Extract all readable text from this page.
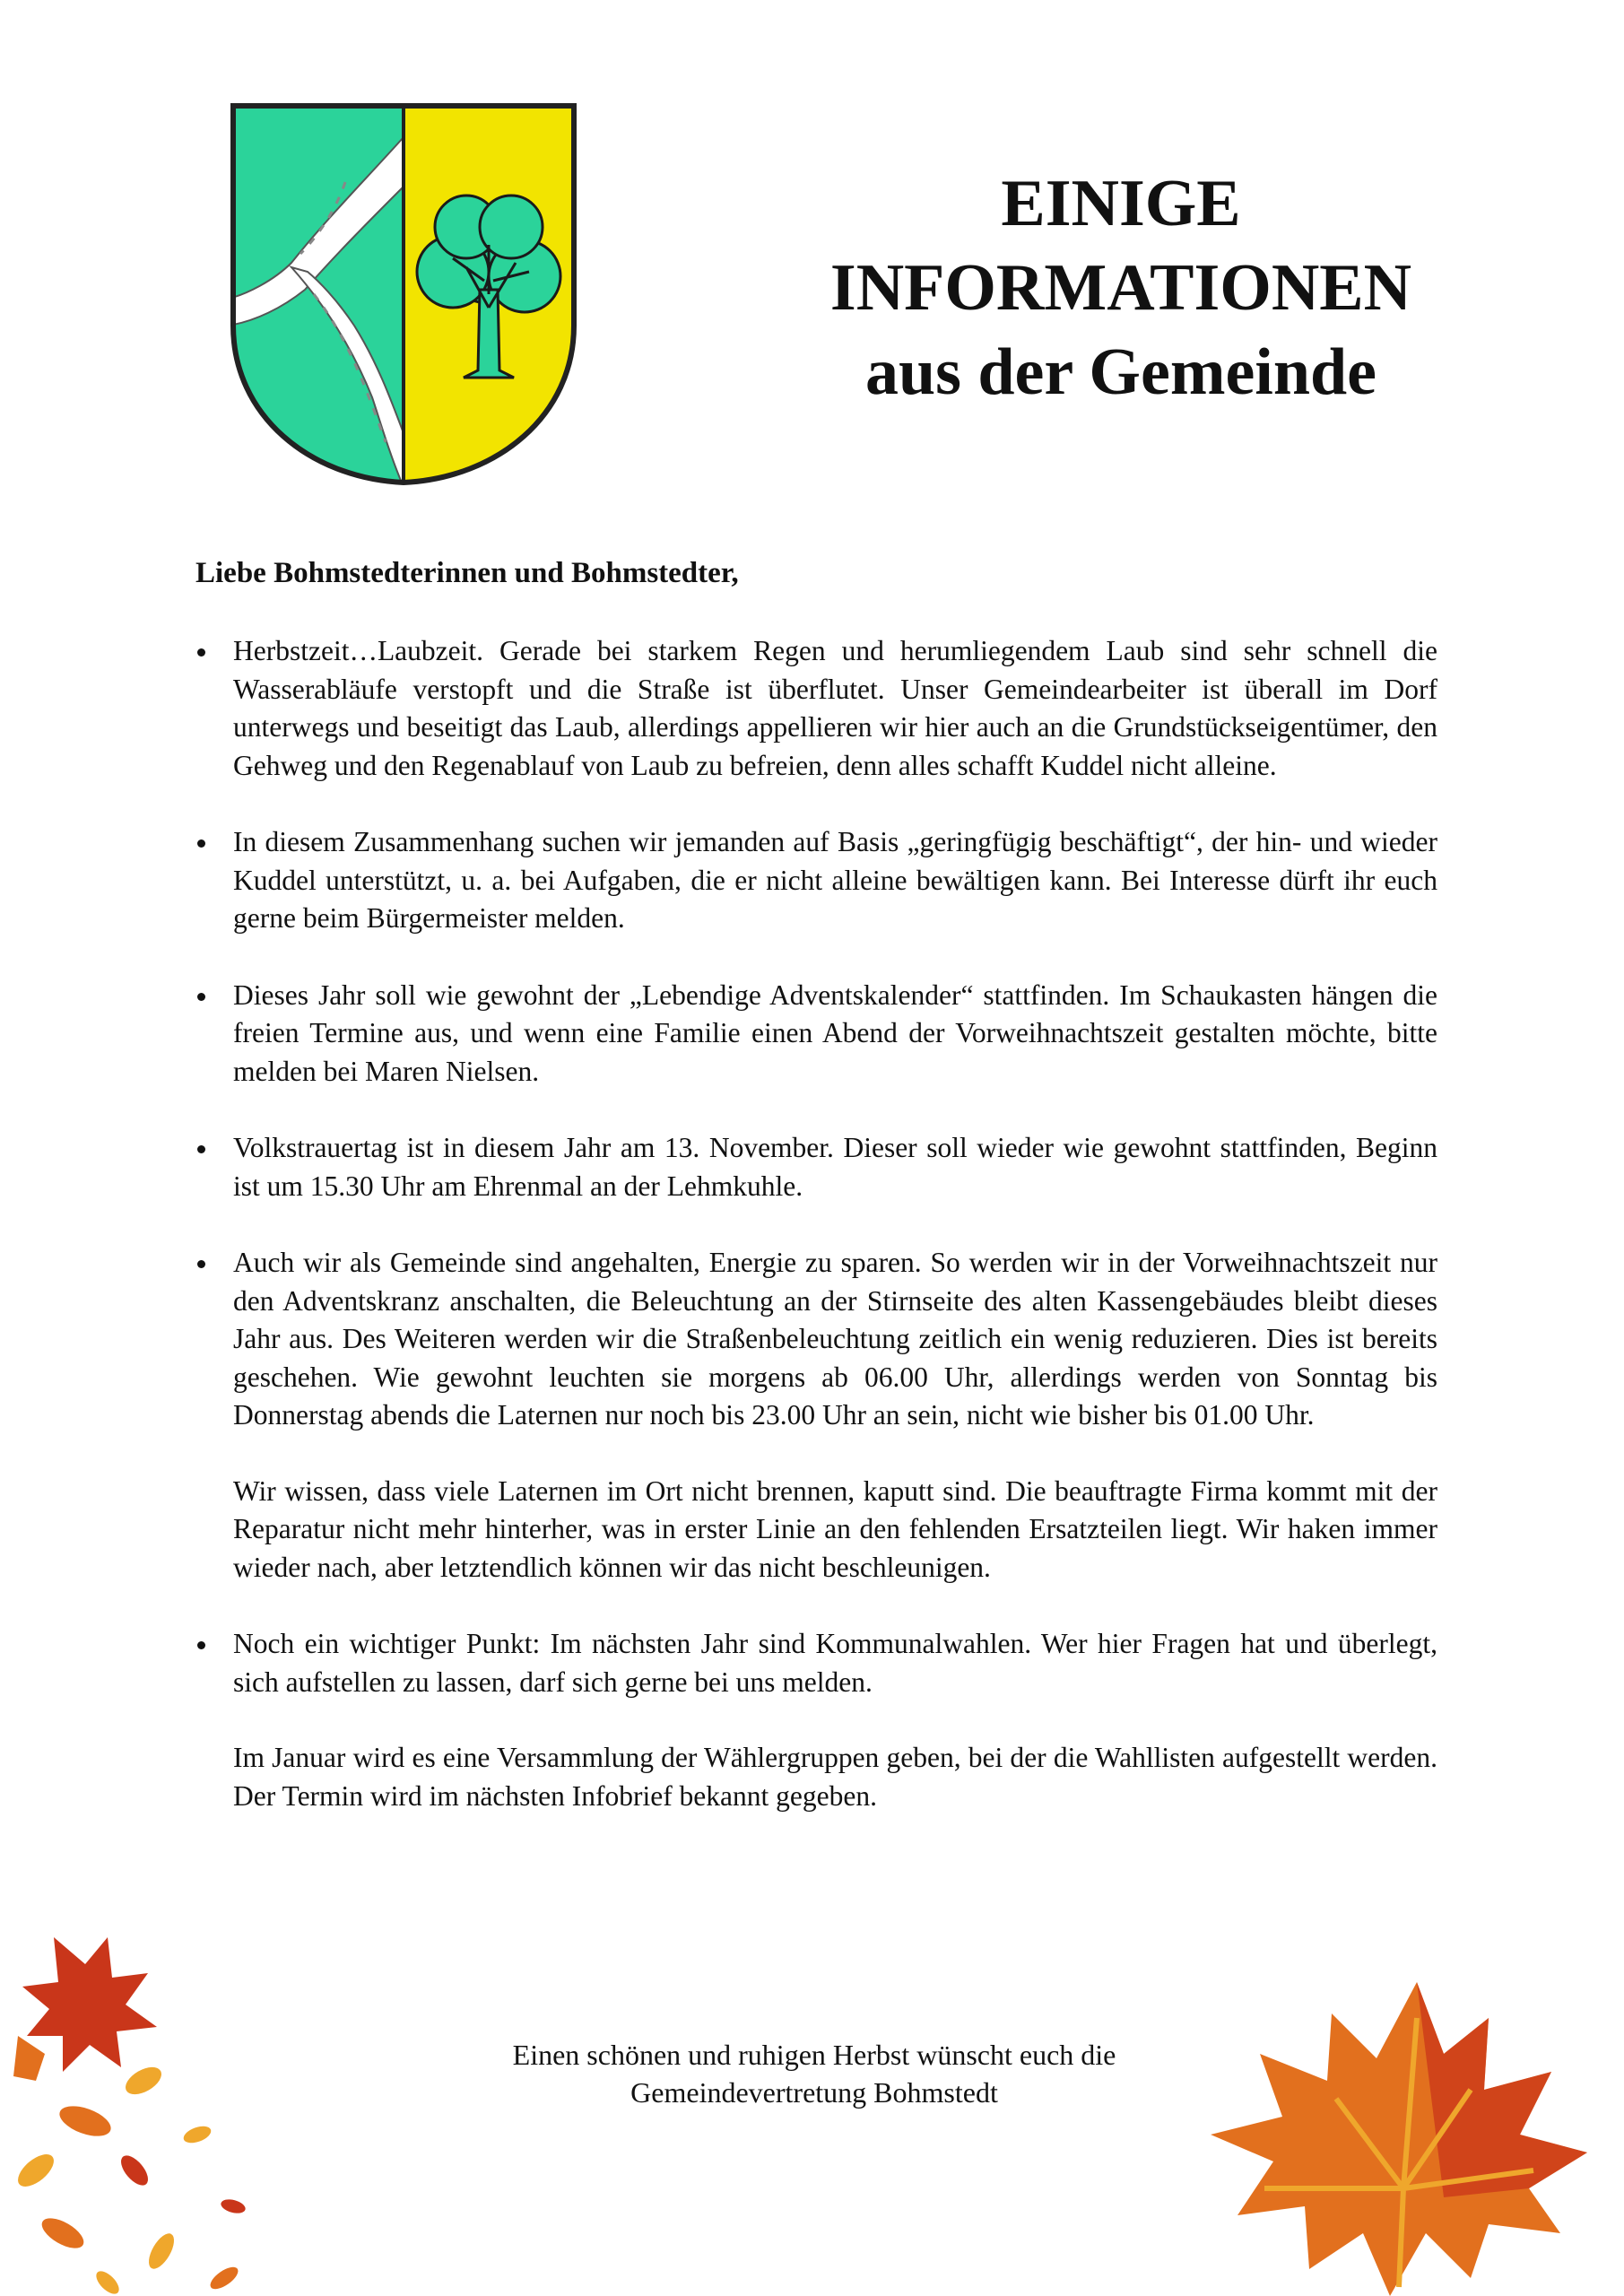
EINIGE
INFORMATIONEN
aus der Gemeinde
Liebe Bohmstedterinnen und Bohmstedter,

Herbstzeit…Laubzeit. Gerade bei starkem Regen und herumliegendem Laub sind sehr schnell die Wasserabläufe verstopft und die Straße ist überflutet. Unser Gemeindearbeiter ist überall im Dorf unterwegs und beseitigt das Laub, allerdings appellieren wir hier auch an die Grundstückseigentümer, den Gehweg und den Regenablauf von Laub zu befreien, denn alles schafft Kuddel nicht alleine.

In diesem Zusammenhang suchen wir jemanden auf Basis „geringfügig beschäftigt“, der hin- und wieder Kuddel unterstützt, u. a. bei Aufgaben, die er nicht alleine bewältigen kann. Bei Interesse dürft ihr euch gerne beim Bürgermeister melden.

Dieses Jahr soll wie gewohnt der „Lebendige Adventskalender“ stattfinden. Im Schaukasten hängen die freien Termine aus, und wenn eine Familie einen Abend der Vorweihnachtszeit gestalten möchte, bitte melden bei Maren Nielsen.

Volkstrauertag ist in diesem Jahr am 13. November. Dieser soll wieder wie gewohnt stattfinden, Beginn ist um 15.30 Uhr am Ehrenmal an der Lehmkuhle.

Auch wir als Gemeinde sind angehalten, Energie zu sparen. So werden wir in der Vorweihnachtszeit nur den Adventskranz anschalten, die Beleuchtung an der Stirnseite des alten Kassengebäudes bleibt dieses Jahr aus. Des Weiteren werden wir die Straßenbeleuchtung zeitlich ein wenig reduzieren. Dies ist bereits geschehen. Wie gewohnt leuchten sie morgens ab 06.00 Uhr, allerdings werden von Sonntag bis Donnerstag abends die Laternen nur noch bis 23.00 Uhr an sein, nicht wie bisher bis 01.00 Uhr.

Wir wissen, dass viele Laternen im Ort nicht brennen, kaputt sind. Die beauftragte Firma kommt mit der Reparatur nicht mehr hinterher, was in erster Linie an den fehlenden Ersatzteilen liegt. Wir haken immer wieder nach, aber letztendlich können wir das nicht beschleunigen.

Noch ein wichtiger Punkt: Im nächsten Jahr sind Kommunalwahlen. Wer hier Fragen hat und überlegt, sich aufstellen zu lassen, darf sich gerne bei uns melden.

Im Januar wird es eine Versammlung der Wählergruppen geben, bei der die Wahllisten aufgestellt werden. Der Termin wird im nächsten Infobrief bekannt gegeben.

Einen schönen und ruhigen Herbst wünscht euch die
Gemeindevertretung Bohmstedt
